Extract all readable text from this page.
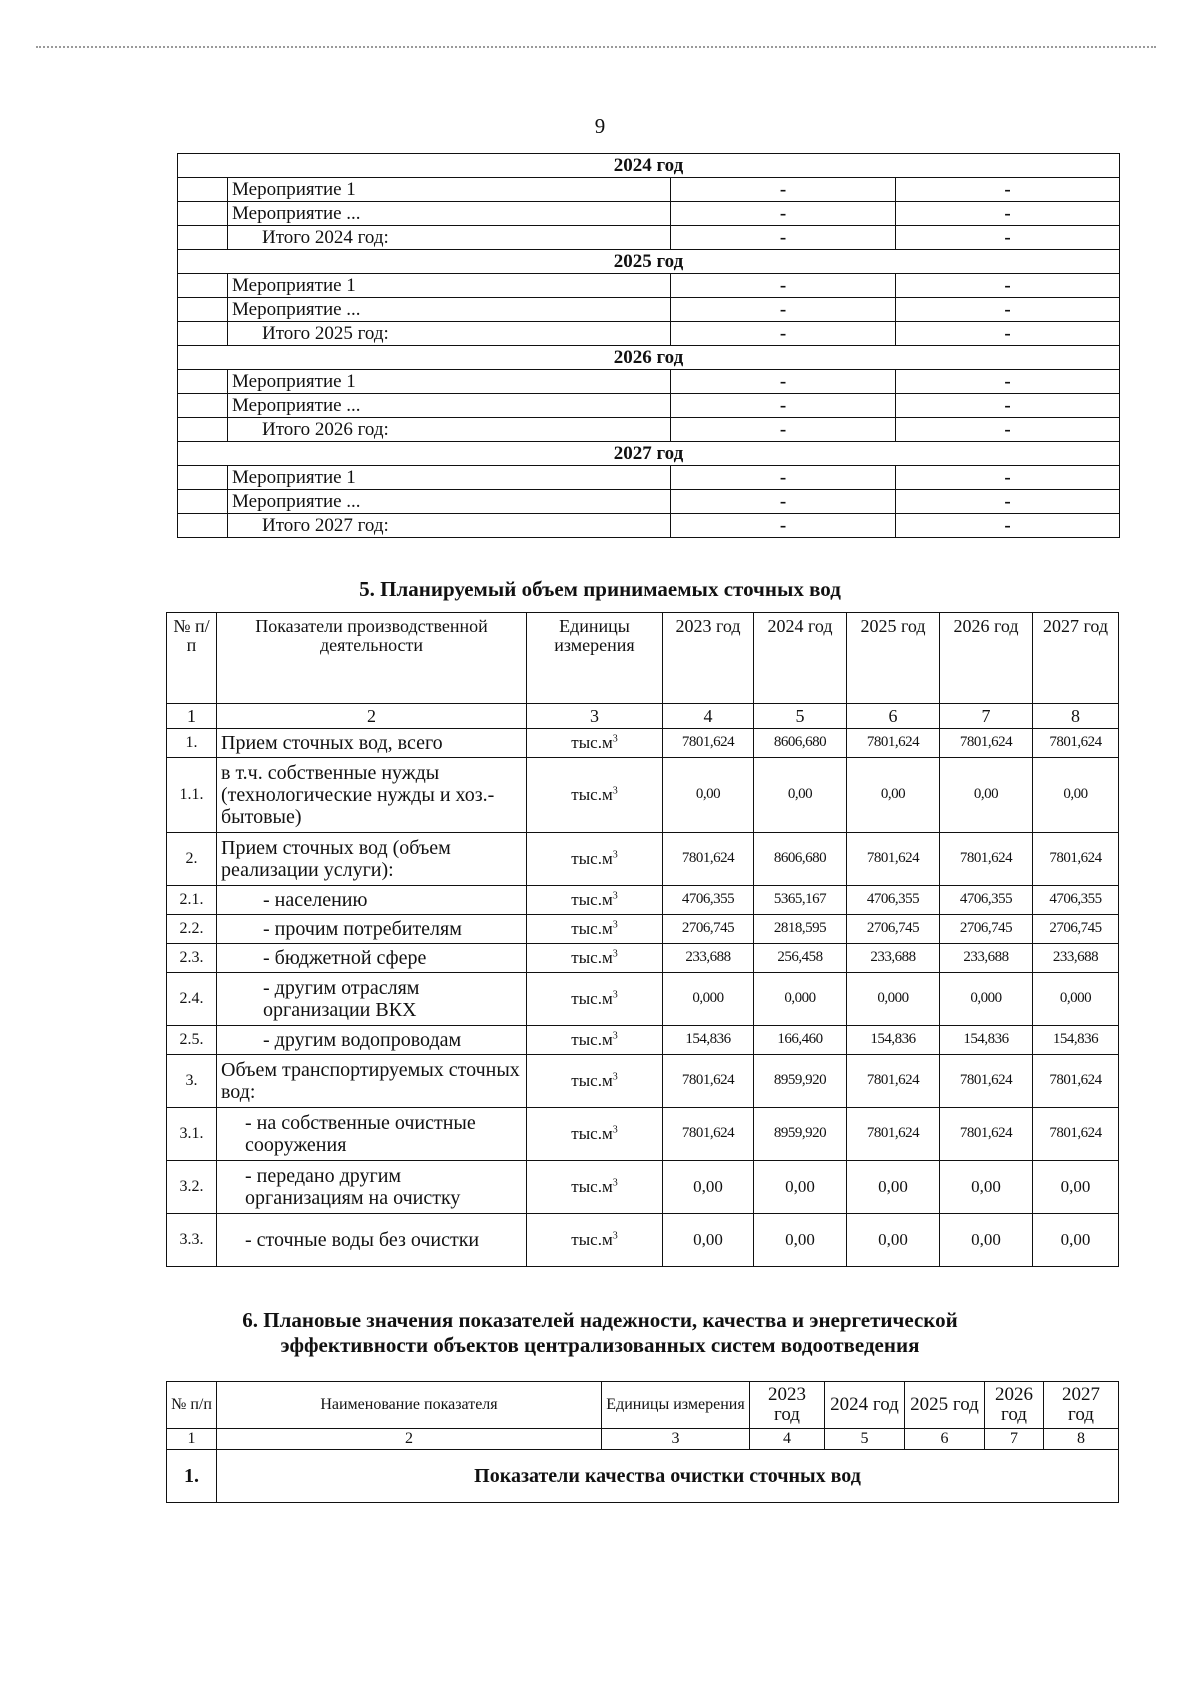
9
2024 год			
	Мероприятие 1	-	-
	Мероприятие ...	-	-
	Итого 2024 год:	-	-
2025 год			
	Мероприятие 1	-	-
	Мероприятие ...	-	-
	Итого 2025 год:	-	-
2026 год			
	Мероприятие 1	-	-
	Мероприятие ...	-	-
	Итого 2026 год:	-	-
2027 год			
	Мероприятие 1	-	-
	Мероприятие ...	-	-
	Итого 2027 год:	-	-
5. Планируемый объем принимаемых сточных вод
№ п/п	Показатели производственной деятельности	Единицы измерения	2023 год	2024 год	2025 год	2026 год	2027 год
1	2	3	4	5	6	7	8
1.	Прием сточных вод, всего	$тыс.м^3$	7801,624	8606,680	7801,624	7801,624	7801,624
1.1.	в т.ч. собственные нужды (технологические нужды и хоз.-бытовые)	$тыс.м^3$	0,00	0,00	0,00	0,00	0,00
2.	Прием сточных вод (объем реализации услуги):	$тыс.м^3$	7801,624	8606,680	7801,624	7801,624	7801,624
2.1.	- населению	$тыс.м^3$	4706,355	5365,167	4706,355	4706,355	4706,355
2.2.	- прочим потребителям	$тыс.м^3$	2706,745	2818,595	2706,745	2706,745	2706,745
2.3.	- бюджетной сфере	$тыс.м^3$	233,688	256,458	233,688	233,688	233,688
2.4.	- другим отраслям организации ВКХ	$тыс.м^3$	0,000	0,000	0,000	0,000	0,000
2.5.	- другим водопроводам	$тыс.м^3$	154,836	166,460	154,836	154,836	154,836
3.	Объем транспортируемых сточных вод:	$тыс.м^3$	7801,624	8959,920	7801,624	7801,624	7801,624
3.1.	- на собственные очистные сооружения	$тыс.м^3$	7801,624	8959,920	7801,624	7801,624	7801,624
3.2.	- передано другим организациям на очистку	$тыс.м^3$	0,00	0,00	0,00	0,00	0,00
3.3.	- сточные воды без очистки	$тыс.м^3$	0,00	0,00	0,00	0,00	0,00
6. Плановые значения показателей надежности, качества и энергетической
эффективности объектов централизованных систем водоотведения
№ п/п	Наименование показателя	Единицы измерения	2023 год	2024 год	2025 год	2026 год	2027 год
1	2	3	4	5	6	7	8
1.	Показатели качества очистки сточных вод						
